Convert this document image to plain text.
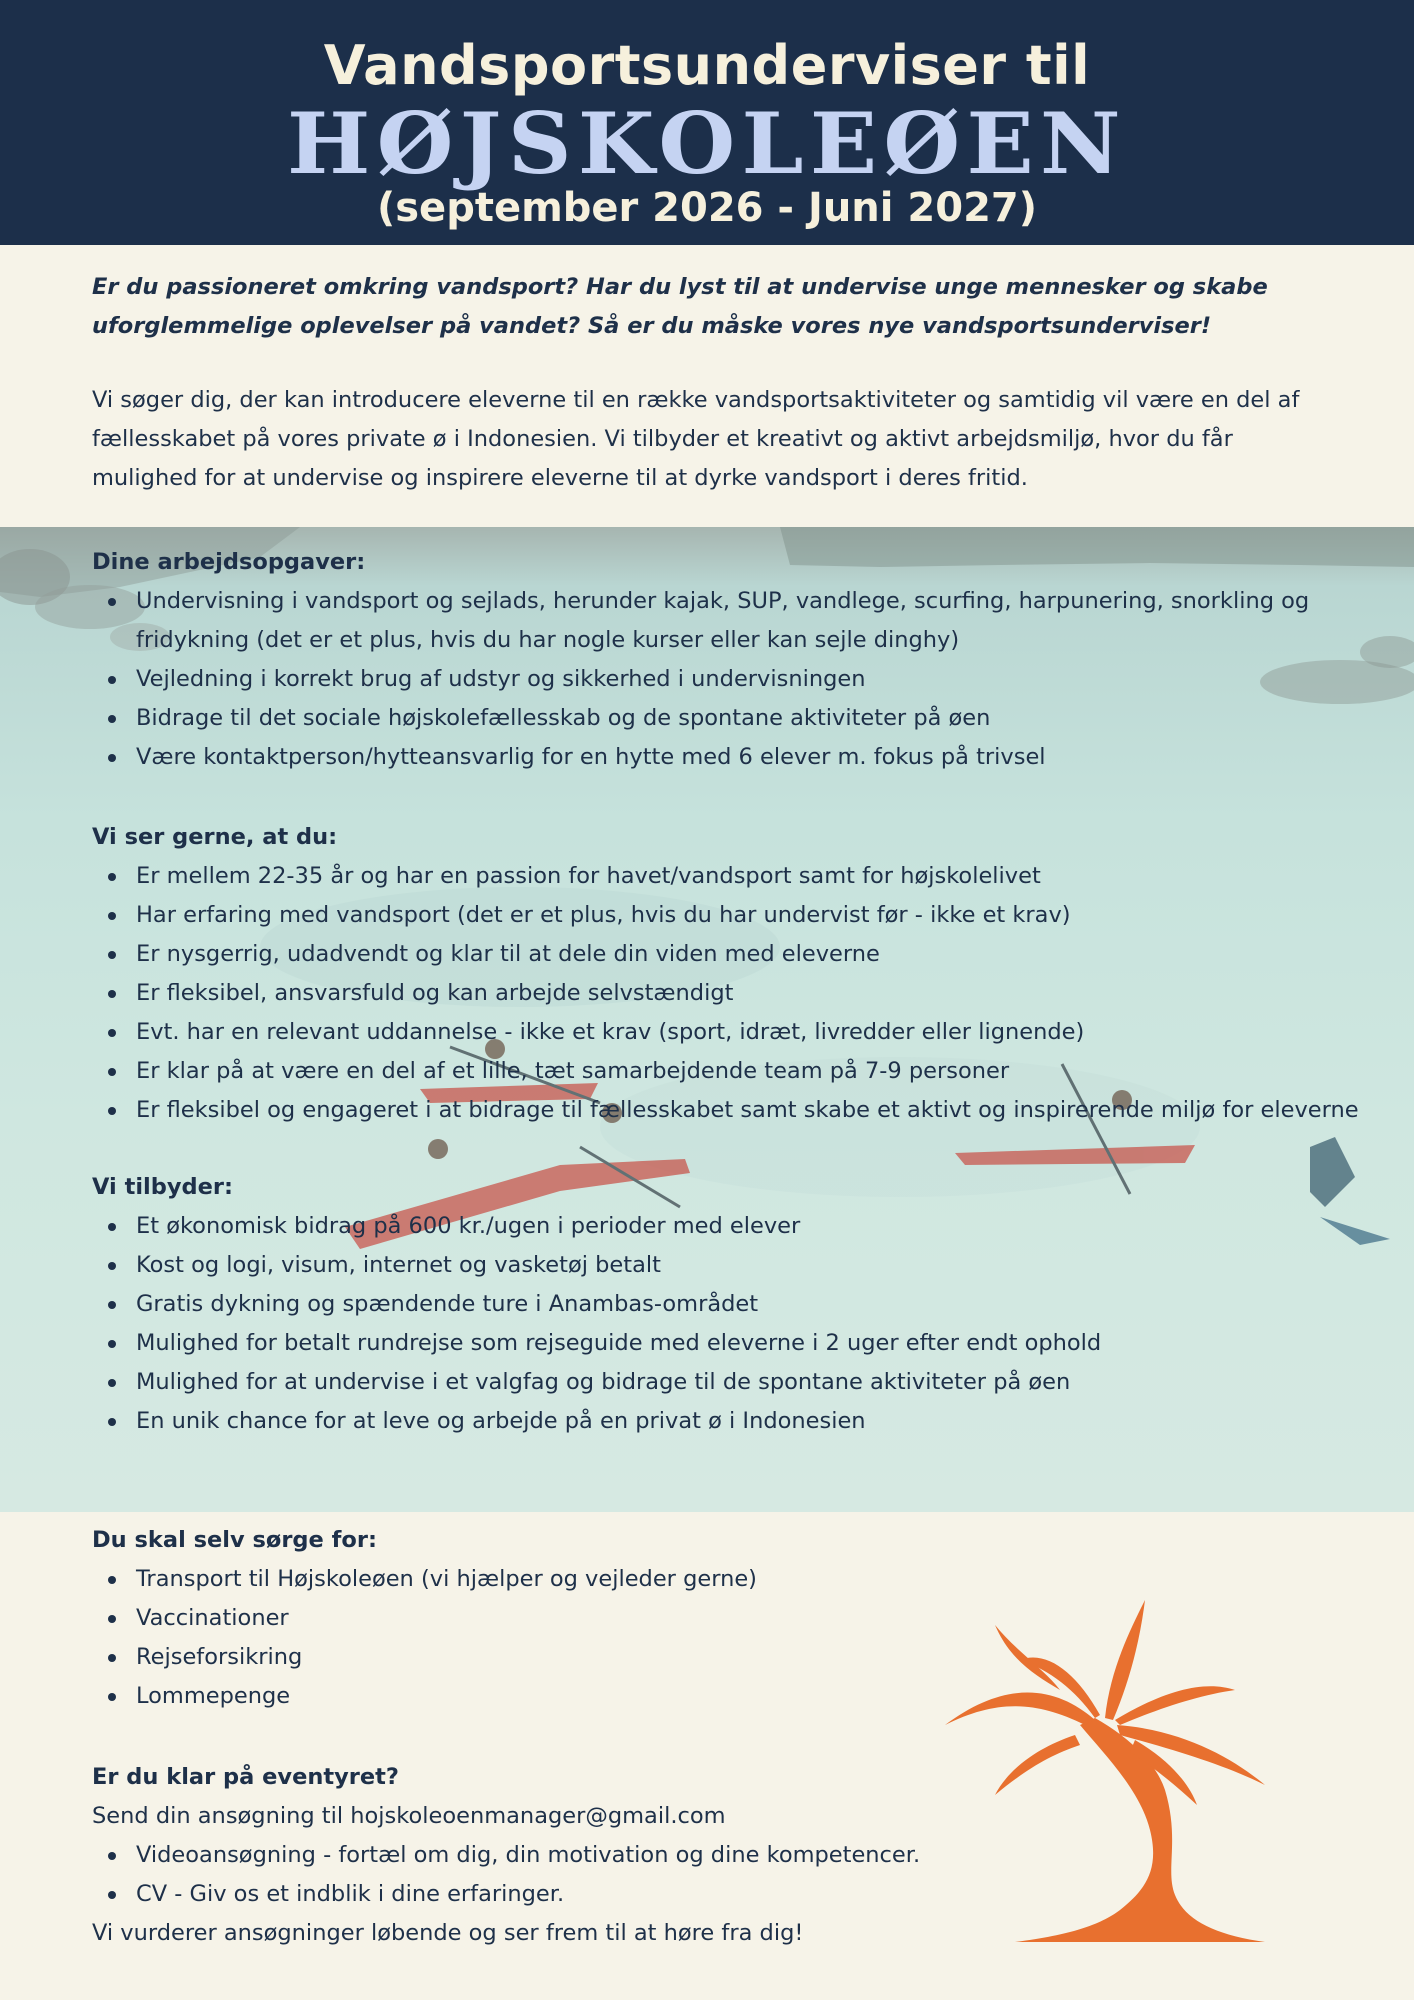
Vandsportsunderviser til
HØJSKOLEØEN
(september 2026 - Juni 2027)

Er du passioneret omkring vandsport? Har du lyst til at undervise unge mennesker og skabe uforglemmelige oplevelser på vandet? Så er du måske vores nye vandsportsunderviser!

Vi søger dig, der kan introducere eleverne til en række vandsportsaktiviteter og samtidig vil være en del af fællesskabet på vores private ø i Indonesien. Vi tilbyder et kreativt og aktivt arbejdsmiljø, hvor du får mulighed for at undervise og inspirere eleverne til at dyrke vandsport i deres fritid.

Dine arbejdsopgaver:

Undervisning i vandsport og sejlads, herunder kajak, SUP, vandlege, scurfing, harpunering, snorkling og fridykning (det er et plus, hvis du har nogle kurser eller kan sejle dinghy)
Vejledning i korrekt brug af udstyr og sikkerhed i undervisningen
Bidrage til det sociale højskolefællesskab og de spontane aktiviteter på øen
Være kontaktperson/hytteansvarlig for en hytte med 6 elever m. fokus på trivsel

Vi ser gerne, at du:

Er mellem 22-35 år og har en passion for havet/vandsport samt for højskolelivet
Har erfaring med vandsport (det er et plus, hvis du har undervist før - ikke et krav)
Er nysgerrig, udadvendt og klar til at dele din viden med eleverne
Er fleksibel, ansvarsfuld og kan arbejde selvstændigt
Evt. har en relevant uddannelse - ikke et krav (sport, idræt, livredder eller lignende)
Er klar på at være en del af et lille, tæt samarbejdende team på 7-9 personer
Er fleksibel og engageret i at bidrage til fællesskabet samt skabe et aktivt og inspirerende miljø for eleverne

Vi tilbyder:

Et økonomisk bidrag på 600 kr./ugen i perioder med elever
Kost og logi, visum, internet og vasketøj betalt
Gratis dykning og spændende ture i Anambas-området
Mulighed for betalt rundrejse som rejseguide med eleverne i 2 uger efter endt ophold
Mulighed for at undervise i et valgfag og bidrage til de spontane aktiviteter på øen
En unik chance for at leve og arbejde på en privat ø i Indonesien

Du skal selv sørge for:

Transport til Højskoleøen (vi hjælper og vejleder gerne)
Vaccinationer
Rejseforsikring
Lommepenge

Er du klar på eventyret?

Send din ansøgning til hojskoleoenmanager@gmail.com

Videoansøgning - fortæl om dig, din motivation og dine kompetencer.
CV - Giv os et indblik i dine erfaringer.

Vi vurderer ansøgninger løbende og ser frem til at høre fra dig!
